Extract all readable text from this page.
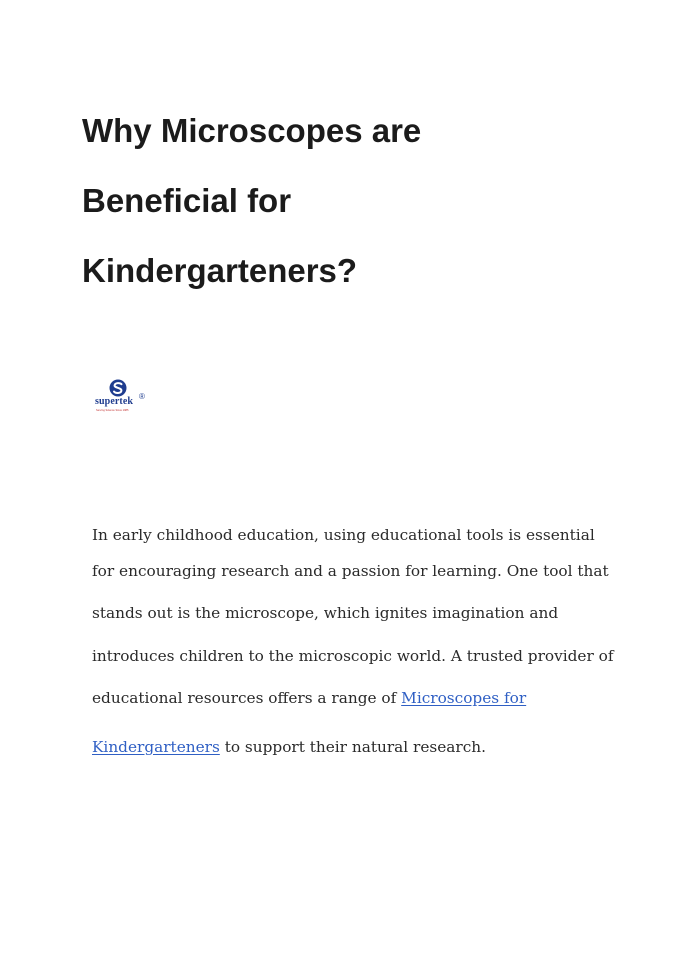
Why Microscopes are
Beneficial for
Kindergarteners?
®
supertek
Serving Science Since 1985
In early childhood education, using educational tools is essential
for encouraging research and a passion for learning. One tool that
stands out is the microscope, which ignites imagination and
introduces children to the microscopic world. A trusted provider of
educational resources offers a range of Microscopes for
Kindergarteners to support their natural research.
